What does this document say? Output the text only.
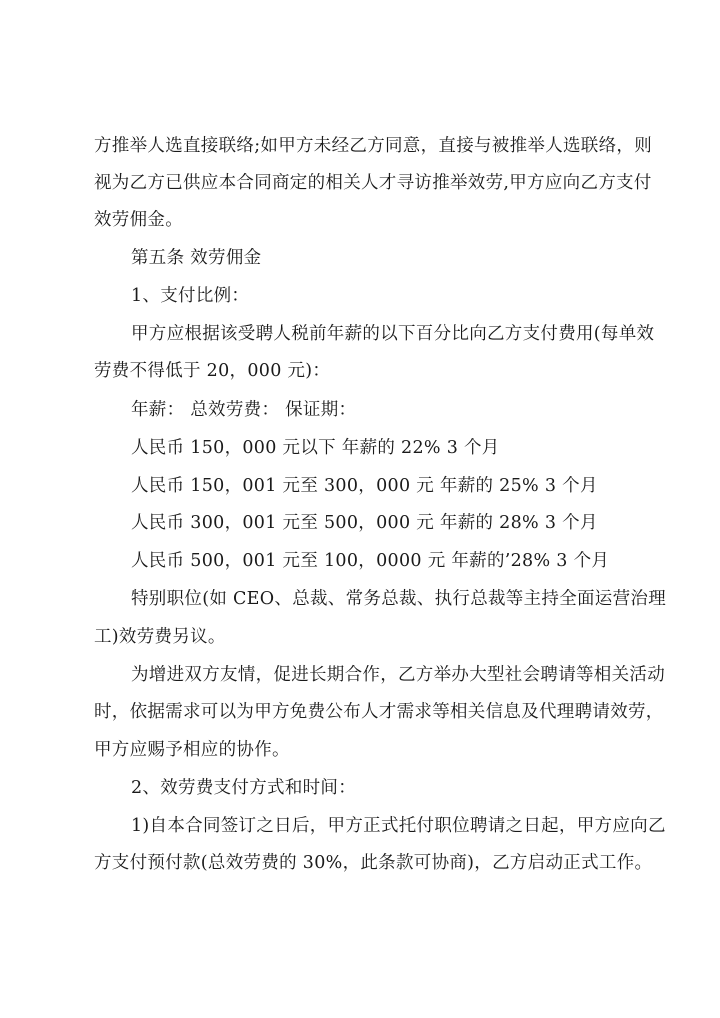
方推举人选直接联络;如甲方未经乙方同意，直接与被推举人选联络，则
视为乙方已供应本合同商定的相关人才寻访推举效劳,甲方应向乙方支付
效劳佣金。
第五条 效劳佣金
1、支付比例：
甲方应根据该受聘人税前年薪的以下百分比向乙方支付费用(每单效
劳费不得低于 20，000 元)：
年薪： 总效劳费： 保证期：
人民币 150，000 元以下 年薪的 22% 3 个月
人民币 150，001 元至 300，000 元 年薪的 25% 3 个月
人民币 300，001 元至 500，000 元 年薪的 28% 3 个月
人民币 500，001 元至 100，0000 元 年薪的’28% 3 个月
特别职位(如 CEO、总裁、常务总裁、执行总裁等主持全面运营治理
工)效劳费另议。
为增进双方友情，促进长期合作，乙方举办大型社会聘请等相关活动
时，依据需求可以为甲方免费公布人才需求等相关信息及代理聘请效劳，
甲方应赐予相应的协作。
2、效劳费支付方式和时间：
1)自本合同签订之日后，甲方正式托付职位聘请之日起，甲方应向乙
方支付预付款(总效劳费的 30%，此条款可协商)，乙方启动正式工作。
